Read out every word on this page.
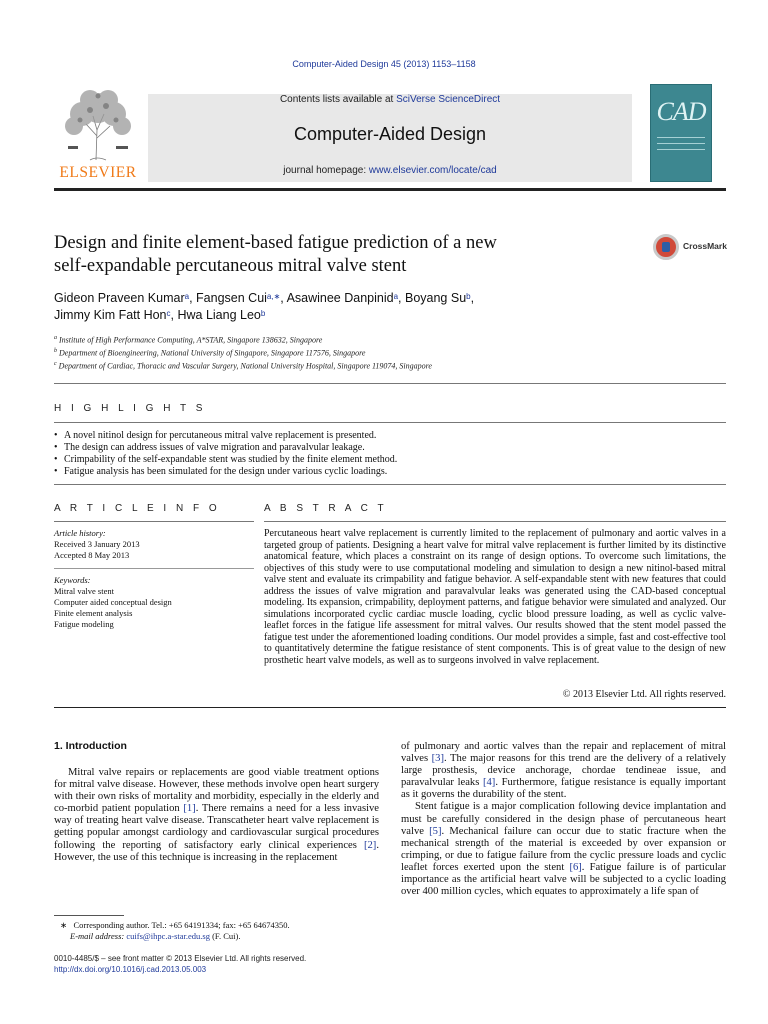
Computer-Aided Design 45 (2013) 1153–1158
ELSEVIER
Contents lists available at SciVerse ScienceDirect
Computer-Aided Design
journal homepage: www.elsevier.com/locate/cad
CAD
Design and finite element-based fatigue prediction of a new
self-expandable percutaneous mitral valve stent
CrossMark
Gideon Praveen Kumar$^a$, Fangsen Cui$^{a,∗}$, Asawinee Danpinid$^a$, Boyang Su$^b$,
Jimmy Kim Fatt Hon$^c$, Hwa Liang Leo$^b$
$^a$ Institute of High Performance Computing, A*STAR, Singapore 138632, Singapore
$^b$ Department of Bioengineering, National University of Singapore, Singapore 117576, Singapore
$^c$ Department of Cardiac, Thoracic and Vascular Surgery, National University Hospital, Singapore 119074, Singapore
H I G H L I G H T S
• A novel nitinol design for percutaneous mitral valve replacement is presented.
• The design can address issues of valve migration and paravalvular leakage.
• Crimpability of the self-expandable stent was studied by the finite element method.
• Fatigue analysis has been simulated for the design under various cyclic loadings.
A R T I C L E I N F O
Article history:
Received 3 January 2013
Accepted 8 May 2013
Keywords:
Mitral valve stent
Computer aided conceptual design
Finite element analysis
Fatigue modeling
A B S T R A C T
Percutaneous heart valve replacement is currently limited to the replacement of pulmonary and aortic valves in a targeted group of patients. Designing a heart valve for mitral valve replacement is further limited by its distinctive anatomical feature, which places a constraint on its range of design options. To overcome such limitations, the objectives of this study were to use computational modeling and simulation to design a new nitinol-based mitral valve stent and evaluate its crimpability and fatigue behavior. A self-expandable stent with new features that could address the issues of valve migration and paravalvular leaks was generated using the CAD-based conceptual modeling. Its expansion, crimpability, deployment patterns, and fatigue behavior were simulated and analyzed. Our simulations incorporated cyclic cardiac muscle loading, cyclic blood pressure loading, as well as cyclic valve-leaflet forces in the fatigue life assessment for mitral valves. Our results showed that the stent model passed the fatigue test under the aforementioned loading conditions. Our model provides a simple, fast and cost-effective tool to quantitatively determine the fatigue resistance of stent components. This is of great value to the design of new prosthetic heart valve models, as well as to surgeons involved in valve replacement.
© 2013 Elsevier Ltd. All rights reserved.
1. Introduction

Mitral valve repairs or replacements are good viable treatment options for mitral valve disease. However, these methods involve open heart surgery with their own risks of mortality and morbidity, especially in the elderly and co-morbid patient population [1]. There remains a need for a less invasive way of treating heart valve disease. Transcatheter heart valve replacement is getting popular amongst cardiology and cardiovascular surgical procedures following the reporting of satisfactory early clinical experiences [2]. However, the use of this technique is increasing in the replacement

of pulmonary and aortic valves than the repair and replacement of mitral valves [3]. The major reasons for this trend are the delivery of a relatively large prosthesis, device anchorage, chordae tendineae issue, and paravalvular leaks [4]. Furthermore, fatigue resistance is equally important as it governs the durability of the stent.

Stent fatigue is a major complication following device implantation and must be carefully considered in the design phase of percutaneous heart valve [5]. Mechanical failure can occur due to static fracture when the mechanical strength of the material is exceeded by over expansion or crimping, or due to fatigue failure from the cyclic pressure loads and cyclic leaflet forces exerted upon the stent [6]. Fatigue failure is of particular importance as the artificial heart valve will be subjected to a cyclic loading over 400 million cycles, which equates to approximately a life span of

∗ Corresponding author. Tel.: +65 64191334; fax: +65 64674350.
E-mail address: cuifs@ihpc.a-star.edu.sg (F. Cui).
0010-4485/$ – see front matter © 2013 Elsevier Ltd. All rights reserved.
http://dx.doi.org/10.1016/j.cad.2013.05.003
